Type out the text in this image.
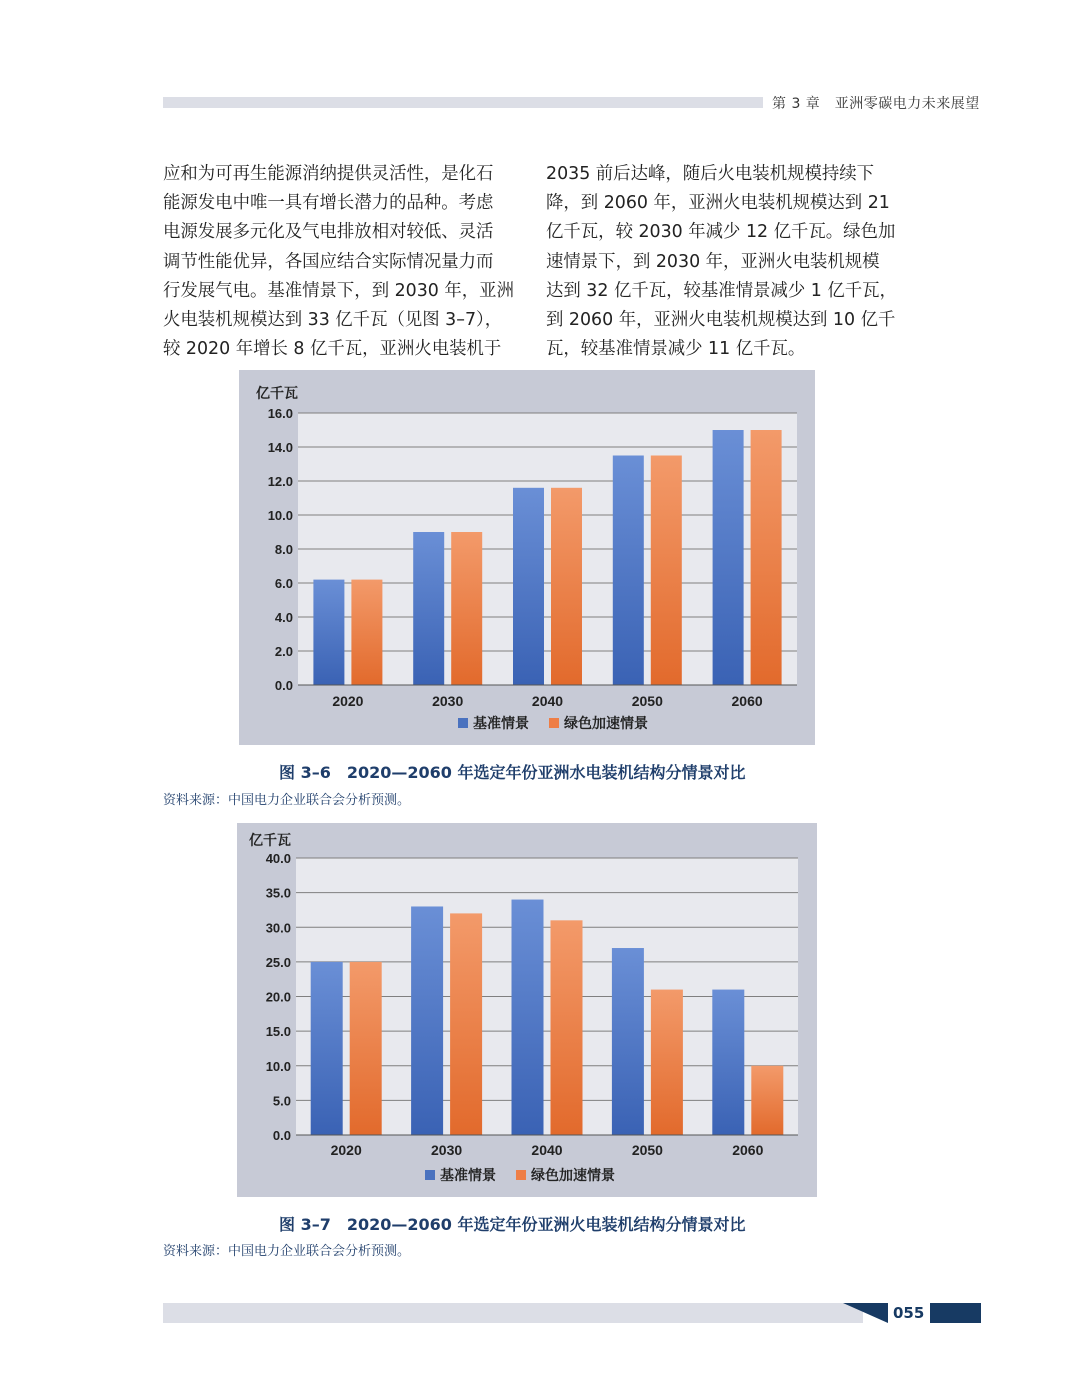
第 3 章　亚洲零碳电力未来展望
应和为可再生能源消纳提供灵活性，是化石
能源发电中唯一具有增长潜力的品种。考虑
电源发展多元化及气电排放相对较低、灵活
调节性能优异，各国应结合实际情况量力而
行发展气电。基准情景下，到 2030 年，亚洲
火电装机规模达到 33 亿千瓦（见图 3–7），
较 2020 年增长 8 亿千瓦，亚洲火电装机于
2035 前后达峰，随后火电装机规模持续下
降，到 2060 年，亚洲火电装机规模达到 21
亿千瓦，较 2030 年减少 12 亿千瓦。绿色加
速情景下，到 2030 年，亚洲火电装机规模
达到 32 亿千瓦，较基准情景减少 1 亿千瓦，
到 2060 年，亚洲火电装机规模达到 10 亿千
瓦，较基准情景减少 11 亿千瓦。
0.0
2.0
4.0
6.0
8.0
10.0
12.0
14.0
16.0
亿千瓦
2020	2030	2040	2050	2060
基准情景	绿色加速情景
图 3–6　2020—2060 年选定年份亚洲水电装机结构分情景对比
资料来源：中国电力企业联合会分析预测。
0.0
5.0
10.0
15.0
20.0
25.0
30.0
35.0
40.0
亿千瓦
2020	2030	2040	2050	2060
基准情景	绿色加速情景
图 3–7　2020—2060 年选定年份亚洲火电装机结构分情景对比
资料来源：中国电力企业联合会分析预测。
055
